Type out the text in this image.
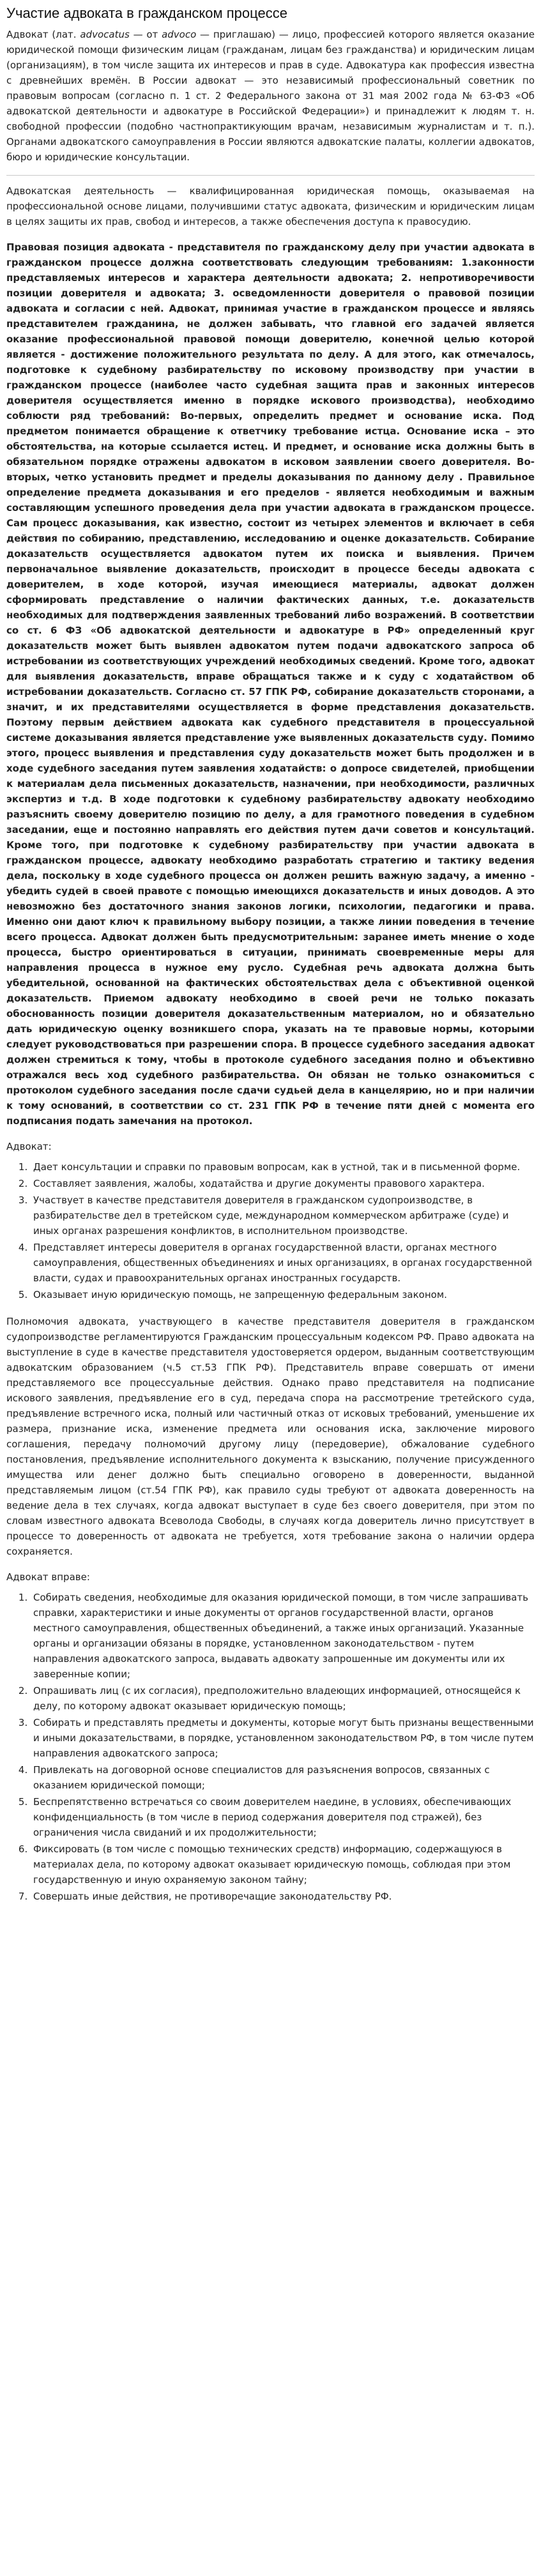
Участие адвоката в гражданском процессе

Адвокат (лат. advocatus — от advoco — приглашаю) — лицо, профессией которого является оказание юридической помощи физическим лицам (гражданам, лицам без гражданства) и юридическим лицам (организациям), в том числе защита их интересов и прав в суде. Адвокатура как профессия известна с древнейших времён. В России адвокат — это независимый профессиональный советник по правовым вопросам (согласно п. 1 ст. 2 Федерального закона от 31 мая 2002 года № 63-ФЗ «Об адвокатской деятельности и адвокатуре в Российской Федерации») и принадлежит к людям т. н. свободной профессии (подобно частнопрактикующим врачам, независимым журналистам и т. п.). Органами адвокатского самоуправления в России являются адвокатские палаты, коллегии адвокатов, бюро и юридические консультации.

Адвокатская деятельность — квалифицированная юридическая помощь, оказываемая на профессиональной основе лицами, получившими статус адвоката, физическим и юридическим лицам в целях защиты их прав, свобод и интересов, а также обеспечения доступа к правосудию.

Правовая позиция адвоката - представителя по гражданскому делу при участии адвоката в гражданском процессе должна соответствовать следующим требованиям: 1.законности представляемых интересов и характера деятельности адвоката; 2. непротиворечивости позиции доверителя и адвоката; 3. осведомленности доверителя о правовой позиции адвоката и согласии с ней. Адвокат, принимая участие в гражданском процессе и являясь представителем гражданина, не должен забывать, что главной его задачей является оказание профессиональной правовой помощи доверителю, конечной целью которой является - достижение положительного результата по делу. А для этого, как отмечалось, подготовке к судебному разбирательству по исковому производству при участии в гражданском процессе (наиболее часто судебная защита прав и законных интересов доверителя осуществляется именно в порядке искового производства), необходимо соблюсти ряд требований: Во-первых, определить предмет и основание иска. Под предметом понимается обращение к ответчику требование истца. Основание иска – это обстоятельства, на которые ссылается истец. И предмет, и основание иска должны быть в обязательном порядке отражены адвокатом в исковом заявлении своего доверителя. Во-вторых, четко установить предмет и пределы доказывания по данному делу . Правильное определение предмета доказывания и его пределов - является необходимым и важным составляющим успешного проведения дела при участии адвоката в гражданском процессе. Сам процесс доказывания, как известно, состоит из четырех элементов и включает в себя действия по собиранию, представлению, исследованию и оценке доказательств. Собирание доказательств осуществляется адвокатом путем их поиска и выявления. Причем первоначальное выявление доказательств, происходит в процессе беседы адвоката с доверителем, в ходе которой, изучая имеющиеся материалы, адвокат должен сформировать представление о наличии фактических данных, т.е. доказательств необходимых для подтверждения заявленных требований либо возражений. В соответствии со ст. 6 ФЗ «Об адвокатской деятельности и адвокатуре в РФ» определенный круг доказательств может быть выявлен адвокатом путем подачи адвокатского запроса об истребовании из соответствующих учреждений необходимых сведений. Кроме того, адвокат для выявления доказательств, вправе обращаться также и к суду с ходатайством об истребовании доказательств. Согласно ст. 57 ГПК РФ, собирание доказательств сторонами, а значит, и их представителями осуществляется в форме представления доказательств. Поэтому первым действием адвоката как судебного представителя в процессуальной системе доказывания является представление уже выявленных доказательств суду. Помимо этого, процесс выявления и представления суду доказательств может быть продолжен и в ходе судебного заседания путем заявления ходатайств: о допросе свидетелей, приобщении к материалам дела письменных доказательств, назначении, при необходимости, различных экспертиз и т.д. В ходе подготовки к судебному разбирательству адвокату необходимо разъяснить своему доверителю позицию по делу, а для грамотного поведения в судебном заседании, еще и постоянно направлять его действия путем дачи советов и консультаций. Кроме того, при подготовке к судебному разбирательству при участии адвоката в гражданском процессе, адвокату необходимо разработать стратегию и тактику ведения дела, поскольку в ходе судебного процесса он должен решить важную задачу, а именно - убедить судей в своей правоте с помощью имеющихся доказательств и иных доводов. А это невозможно без достаточного знания законов логики, психологии, педагогики и права. Именно они дают ключ к правильному выбору позиции, а также линии поведения в течение всего процесса. Адвокат должен быть предусмотрительным: заранее иметь мнение о ходе процесса, быстро ориентироваться в ситуации, принимать своевременные меры для направления процесса в нужное ему русло. Судебная речь адвоката должна быть убедительной, основанной на фактических обстоятельствах дела с объективной оценкой доказательств. Приемом адвокату необходимо в своей речи не только показать обоснованность позиции доверителя доказательственным материалом, но и обязательно дать юридическую оценку возникшего спора, указать на те правовые нормы, которыми следует руководствоваться при разрешении спора. В процессе судебного заседания адвокат должен стремиться к тому, чтобы в протоколе судебного заседания полно и объективно отражался весь ход судебного разбирательства. Он обязан не только ознакомиться с протоколом судебного заседания после сдачи судьей дела в канцелярию, но и при наличии к тому оснований, в соответствии со ст. 231 ГПК РФ в течение пяти дней с момента его подписания подать замечания на протокол.

Адвокат:
1. Дает консультации и справки по правовым вопросам, как в устной, так и в письменной форме.
2. Составляет заявления, жалобы, ходатайства и другие документы правового характера.
3. Участвует в качестве представителя доверителя в гражданском судопроизводстве, в разбирательстве дел в третейском суде, международном коммерческом арбитраже (суде) и иных органах разрешения конфликтов, в исполнительном производстве.
4. Представляет интересы доверителя в органах государственной власти, органах местного самоуправления, общественных объединениях и иных организациях, в органах государственной власти, судах и правоохранительных органах иностранных государств.
5. Оказывает иную юридическую помощь, не запрещенную федеральным законом.

Полномочия адвоката, участвующего в качестве представителя доверителя в гражданском судопроизводстве регламентируются Гражданским процессуальным кодексом РФ. Право адвоката на выступление в суде в качестве представителя удостоверяется ордером, выданным соответствующим адвокатским образованием (ч.5 ст.53 ГПК РФ). Представитель вправе совершать от имени представляемого все процессуальные действия. Однако право представителя на подписание искового заявления, предъявление его в суд, передача спора на рассмотрение третейского суда, предъявление встречного иска, полный или частичный отказ от исковых требований, уменьшение их размера, признание иска, изменение предмета или основания иска, заключение мирового соглашения, передачу полномочий другому лицу (передоверие), обжалование судебного постановления, предъявление исполнительного документа к взысканию, получение присужденного имущества или денег должно быть специально оговорено в доверенности, выданной представляемым лицом (ст.54 ГПК РФ), как правило суды требуют от адвоката доверенность на ведение дела в тех случаях, когда адвокат выступает в суде без своего доверителя, при этом по словам известного адвоката Всеволода Свободы, в случаях когда доверитель лично присутствует в процессе то доверенность от адвоката не требуется, хотя требование закона о наличии ордера сохраняется.

Адвокат вправе:
1. Собирать сведения, необходимые для оказания юридической помощи, в том числе запрашивать справки, характеристики и иные документы от органов государственной власти, органов местного самоуправления, общественных объединений, а также иных организаций. Указанные органы и организации обязаны в порядке, установленном законодательством - путем направления адвокатского запроса, выдавать адвокату запрошенные им документы или их заверенные копии;
2. Опрашивать лиц (с их согласия), предположительно владеющих информацией, относящейся к делу, по которому адвокат оказывает юридическую помощь;
3. Собирать и представлять предметы и документы, которые могут быть признаны вещественными и иными доказательствами, в порядке, установленном законодательством РФ, в том числе путем направления адвокатского запроса;
4. Привлекать на договорной основе специалистов для разъяснения вопросов, связанных с оказанием юридической помощи;
5. Беспрепятственно встречаться со своим доверителем наедине, в условиях, обеспечивающих конфиденциальность (в том числе в период содержания доверителя под стражей), без ограничения числа свиданий и их продолжительности;
6. Фиксировать (в том числе с помощью технических средств) информацию, содержащуюся в материалах дела, по которому адвокат оказывает юридическую помощь, соблюдая при этом государственную и иную охраняемую законом тайну;
7. Совершать иные действия, не противоречащие законодательству РФ.
